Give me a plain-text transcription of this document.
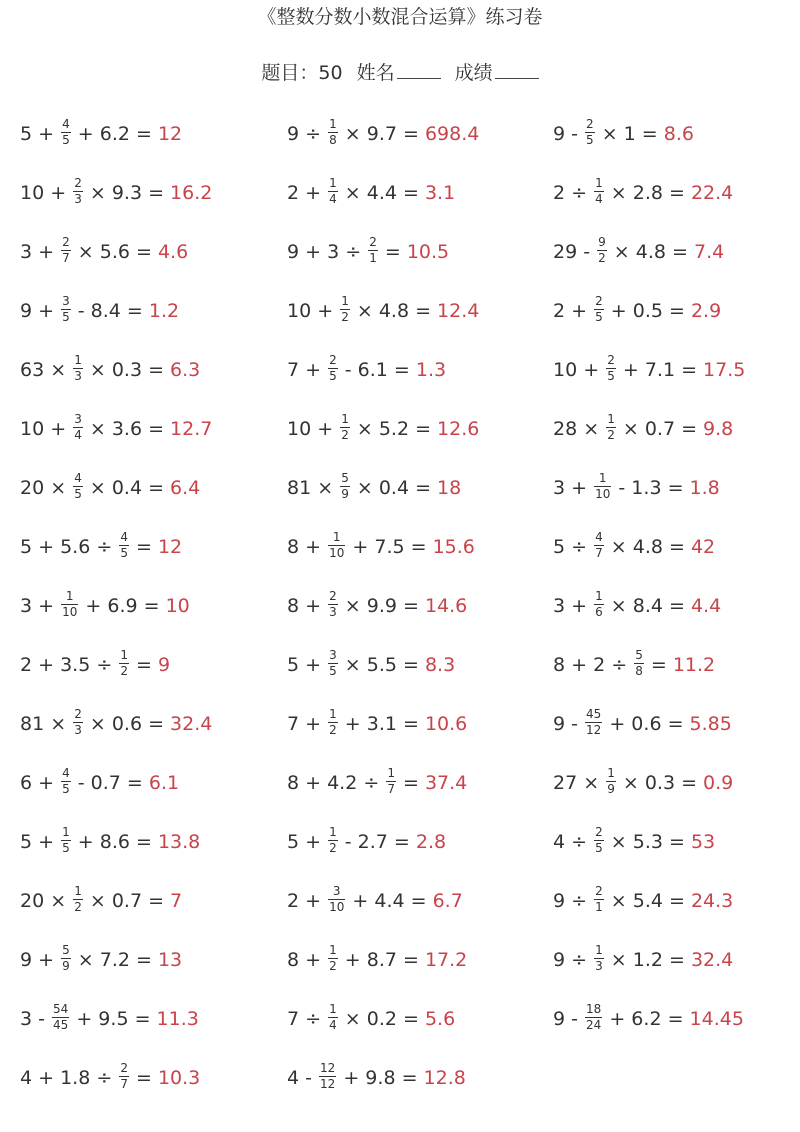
《整数分数小数混合运算》练习卷
题目：50 姓名	成绩
$5 + \frac{4}{5} + 6.2 = 12$	$9 \div \frac{1}{8} \times 9.7 = 698.4$	$9 - \frac{2}{5} \times 1 = 8.6$
$10 + \frac{2}{3} \times 9.3 = 16.2$	$2 + \frac{1}{4} \times 4.4 = 3.1$	$2 \div \frac{1}{4} \times 2.8 = 22.4$
$3 + \frac{2}{7} \times 5.6 = 4.6$	$9 + 3 \div \frac{2}{1} = 10.5$	$29 - \frac{9}{2} \times 4.8 = 7.4$
$9 + \frac{3}{5} - 8.4 = 1.2$	$10 + \frac{1}{2} \times 4.8 = 12.4$	$2 + \frac{2}{5} + 0.5 = 2.9$
$63 \times \frac{1}{3} \times 0.3 = 6.3$	$7 + \frac{2}{5} - 6.1 = 1.3$	$10 + \frac{2}{5} + 7.1 = 17.5$
$10 + \frac{3}{4} \times 3.6 = 12.7$	$10 + \frac{1}{2} \times 5.2 = 12.6$	$28 \times \frac{1}{2} \times 0.7 = 9.8$
$20 \times \frac{4}{5} \times 0.4 = 6.4$	$81 \times \frac{5}{9} \times 0.4 = 18$	$3 + \frac{1}{10} - 1.3 = 1.8$
$5 + 5.6 \div \frac{4}{5} = 12$	$8 + \frac{1}{10} + 7.5 = 15.6$	$5 \div \frac{4}{7} \times 4.8 = 42$
$3 + \frac{1}{10} + 6.9 = 10$	$8 + \frac{2}{3} \times 9.9 = 14.6$	$3 + \frac{1}{6} \times 8.4 = 4.4$
$2 + 3.5 \div \frac{1}{2} = 9$	$5 + \frac{3}{5} \times 5.5 = 8.3$	$8 + 2 \div \frac{5}{8} = 11.2$
$81 \times \frac{2}{3} \times 0.6 = 32.4$	$7 + \frac{1}{2} + 3.1 = 10.6$	$9 - \frac{45}{12} + 0.6 = 5.85$
$6 + \frac{4}{5} - 0.7 = 6.1$	$8 + 4.2 \div \frac{1}{7} = 37.4$	$27 \times \frac{1}{9} \times 0.3 = 0.9$
$5 + \frac{1}{5} + 8.6 = 13.8$	$5 + \frac{1}{2} - 2.7 = 2.8$	$4 \div \frac{2}{5} \times 5.3 = 53$
$20 \times \frac{1}{2} \times 0.7 = 7$	$2 + \frac{3}{10} + 4.4 = 6.7$	$9 \div \frac{2}{1} \times 5.4 = 24.3$
$9 + \frac{5}{9} \times 7.2 = 13$	$8 + \frac{1}{2} + 8.7 = 17.2$	$9 \div \frac{1}{3} \times 1.2 = 32.4$
$3 - \frac{54}{45} + 9.5 = 11.3$	$7 \div \frac{1}{4} \times 0.2 = 5.6$	$9 - \frac{18}{24} + 6.2 = 14.45$
$4 + 1.8 \div \frac{2}{7} = 10.3$	$4 - \frac{12}{12} + 9.8 = 12.8$
